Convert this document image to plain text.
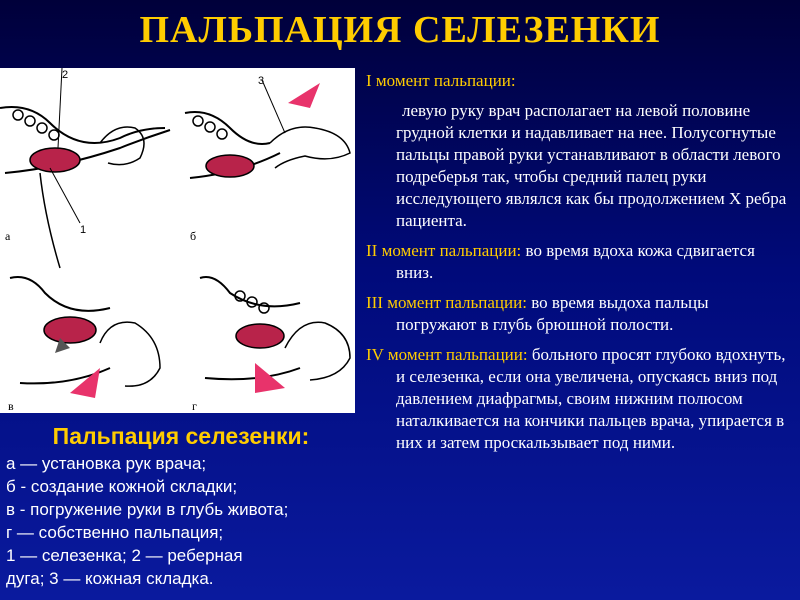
ПАЛЬПАЦИЯ СЕЛЕЗЕНКИ
2
1
а
3
б
в	г
Пальпация селезенки:
а — установка рук врача;
б - создание кожной складки;
в - погружение руки в глубь живота;
г — собственно пальпация;
1 — селезенка; 2 — реберная
дуга; 3 — кожная складка.

I момент пальпации:

левую руку врач располагает на левой половине грудной клетки и надавливает на нее. Полусогнутые пальцы правой руки устанавливают в области левого подреберья так, чтобы средний палец руки исследующего являлся как бы продолжением X ребра пациента.

II момент пальпации: во время вдоха кожа сдвигается вниз.

III момент пальпации: во время выдоха пальцы погружают в глубь брюшной полости.

IV момент пальпации: больного просят глубоко вдохнуть, и селезенка, если она увеличена, опускаясь вниз под давлением диафрагмы, своим нижним полюсом наталкивается на кончики пальцев врача, упирается в них и затем проскальзывает под ними.
